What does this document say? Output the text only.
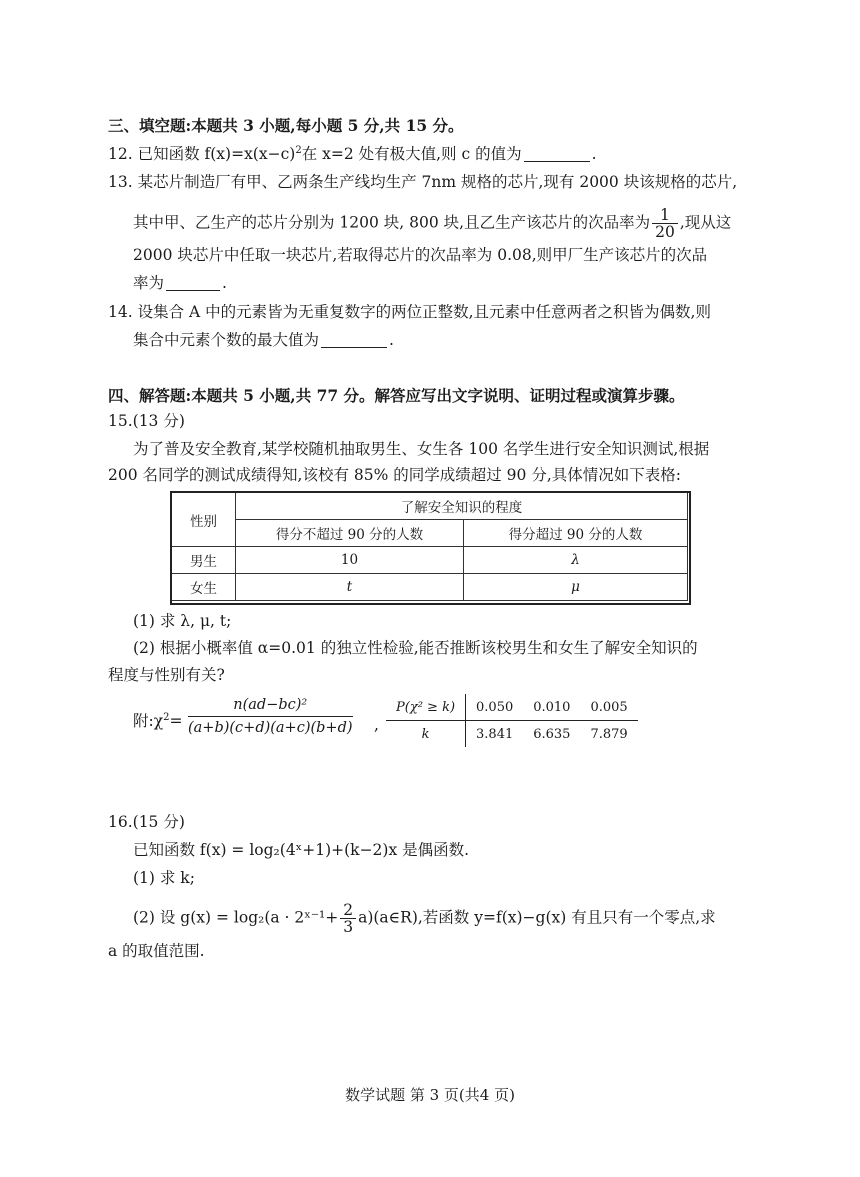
三、填空题:本题共 3 小题,每小题 5 分,共 15 分。
12. 已知函数 $f(x)=x(x-c)^2$在 x=2 处有极大值,则 c 的值为	.
13. 某芯片制造厂有甲、乙两条生产线均生产 7nm 规格的芯片,现有 2000 块该规格的芯片,
其中甲、乙生产的芯片分别为 1200 块, 800 块,且乙生产该芯片的次品率为 $\frac{1}{20}$ ,现从这
2000 块芯片中任取一块芯片,若取得芯片的次品率为 0.08,则甲厂生产该芯片的次品
率为	.
14. 设集合 A 中的元素皆为无重复数字的两位正整数,且元素中任意两者之积皆为偶数,则
集合中元素个数的最大值为	.
四、解答题:本题共 5 小题,共 77 分。解答应写出文字说明、证明过程或演算步骤。
15.(13 分)
为了普及安全教育,某学校随机抽取男生、女生各 100 名学生进行安全知识测试,根据
200 名同学的测试成绩得知,该校有 85% 的同学成绩超过 90 分,具体情况如下表格:
性别	了解安全知识的程度	
	得分不超过 90 分的人数	得分超过 90 分的人数
男生	10	λ
女生	t	μ
(1) 求 λ, μ, t;
(2) 根据小概率值 α=0.01 的独立性检验,能否推断该校男生和女生了解安全知识的
程度与性别有关?
附$:\chi^2= \frac{\text{n(ad−bc)²}}{(a+b)(c+d)(a+c)(b+d)}$ ,
P(χ² ≥ k)	0.050	0.010	0.005
k	3.841	6.635	7.879
16.(15 分)
已知函数 f(x) = log₂(4ˣ+1)+(k−2)x 是偶函数.
(1) 求 k;
(2) 设 g(x) = log₂(a · 2ˣ⁻¹+ $\frac{2}{3}$ a)(a∈R),若函数 y=f(x)−g(x) 有且只有一个零点,求
a 的取值范围.
数学试题 第 3 页(共4 页)
